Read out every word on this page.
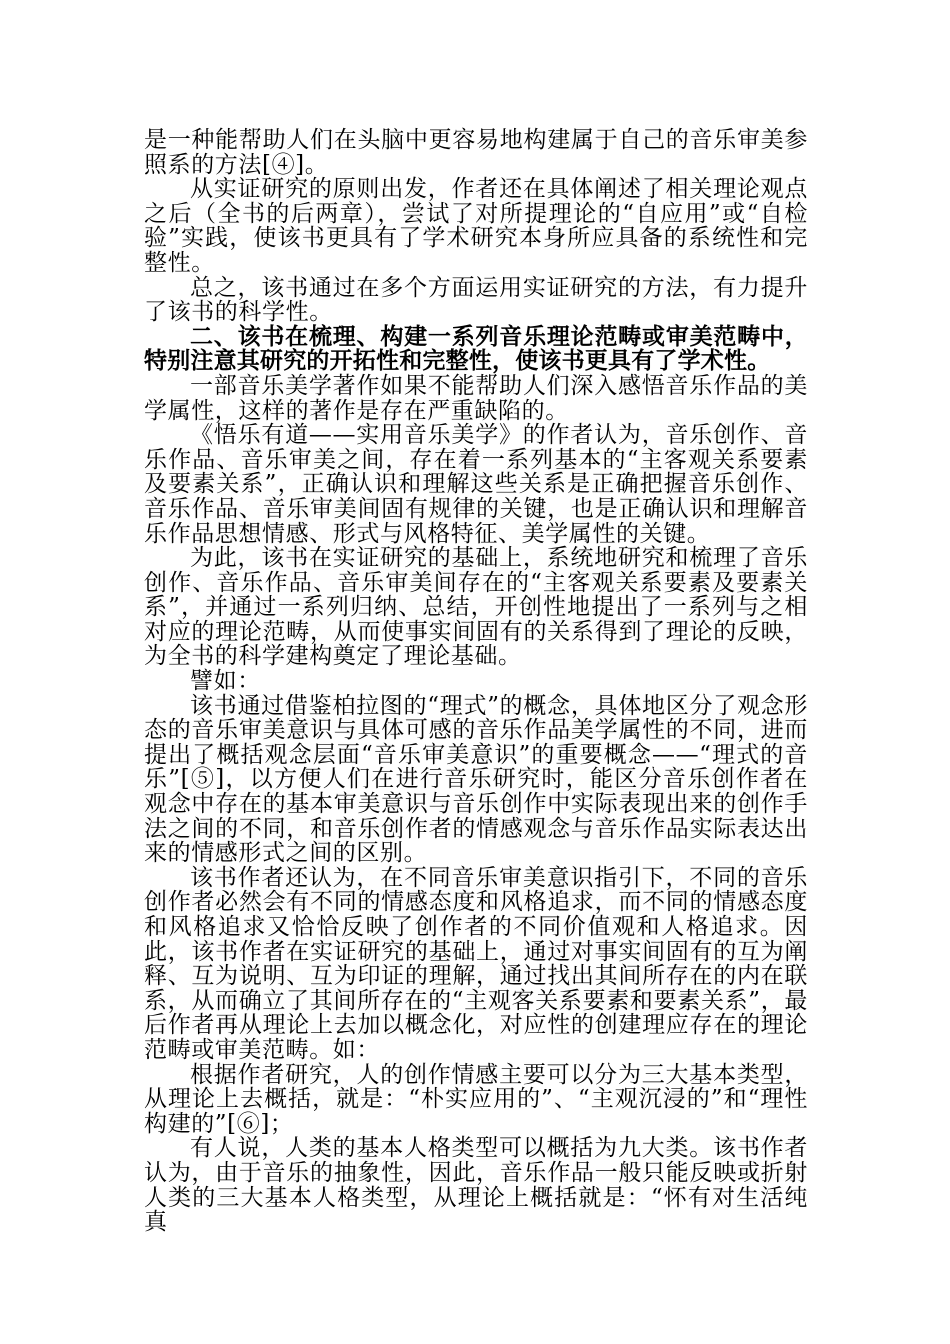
是一种能帮助人们在头脑中更容易地构建属于自己的音乐审美参照系的方法[④]。

从实证研究的原则出发，作者还在具体阐述了相关理论观点之后（全书的后两章），尝试了对所提理论的“自应用”或“自检验”实践，使该书更具有了学术研究本身所应具备的系统性和完整性。

总之，该书通过在多个方面运用实证研究的方法，有力提升了该书的科学性。

二、该书在梳理、构建一系列音乐理论范畴或审美范畴中，特别注意其研究的开拓性和完整性，使该书更具有了学术性。

一部音乐美学著作如果不能帮助人们深入感悟音乐作品的美学属性，这样的著作是存在严重缺陷的。

《悟乐有道——实用音乐美学》的作者认为，音乐创作、音乐作品、音乐审美之间，存在着一系列基本的“主客观关系要素及要素关系”，正确认识和理解这些关系是正确把握音乐创作、音乐作品、音乐审美间固有规律的关键，也是正确认识和理解音乐作品思想情感、形式与风格特征、美学属性的关键。

为此，该书在实证研究的基础上，系统地研究和梳理了音乐创作、音乐作品、音乐审美间存在的“主客观关系要素及要素关系”，并通过一系列归纳、总结，开创性地提出了一系列与之相对应的理论范畴，从而使事实间固有的关系得到了理论的反映，为全书的科学建构奠定了理论基础。

譬如：

该书通过借鉴柏拉图的“理式”的概念，具体地区分了观念形态的音乐审美意识与具体可感的音乐作品美学属性的不同，进而提出了概括观念层面“音乐审美意识”的重要概念——“理式的音乐”[⑤]，以方便人们在进行音乐研究时，能区分音乐创作者在观念中存在的基本审美意识与音乐创作中实际表现出来的创作手法之间的不同，和音乐创作者的情感观念与音乐作品实际表达出来的情感形式之间的区别。

该书作者还认为，在不同音乐审美意识指引下，不同的音乐创作者必然会有不同的情感态度和风格追求，而不同的情感态度和风格追求又恰恰反映了创作者的不同价值观和人格追求。因此，该书作者在实证研究的基础上，通过对事实间固有的互为阐释、互为说明、互为印证的理解，通过找出其间所存在的内在联系，从而确立了其间所存在的“主观客关系要素和要素关系”，最后作者再从理论上去加以概念化，对应性的创建理应存在的理论范畴或审美范畴。如：

根据作者研究，人的创作情感主要可以分为三大基本类型，从理论上去概括，就是：“朴实应用的”、“主观沉浸的”和“理性构建的”[⑥]；

有人说，人类的基本人格类型可以概括为九大类。该书作者认为，由于音乐的抽象性，因此，音乐作品一般只能反映或折射人类的三大基本人格类型，从理论上概括就是：“怀有对生活纯真
